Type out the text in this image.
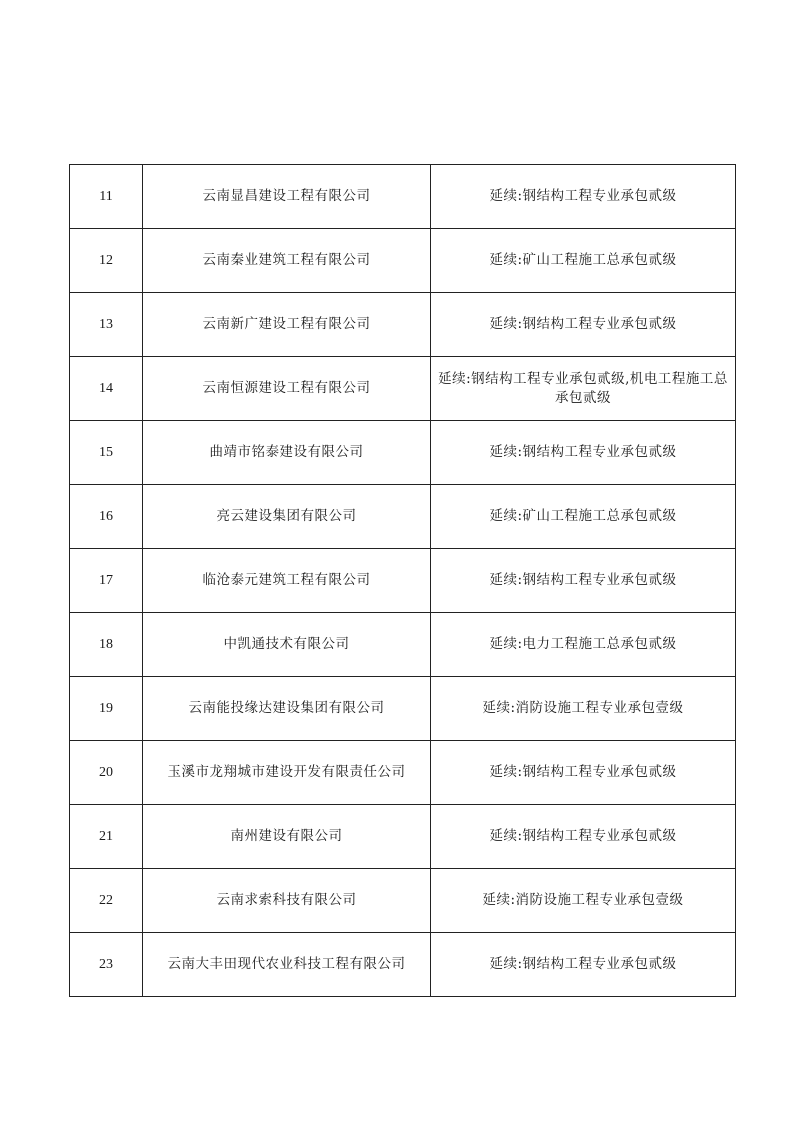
11	云南显昌建设工程有限公司	延续:钢结构工程专业承包贰级
12	云南秦业建筑工程有限公司	延续:矿山工程施工总承包贰级
13	云南新广建设工程有限公司	延续:钢结构工程专业承包贰级
14	云南恒源建设工程有限公司	延续:钢结构工程专业承包贰级,机电工程施工总承包贰级
15	曲靖市铭泰建设有限公司	延续:钢结构工程专业承包贰级
16	亮云建设集团有限公司	延续:矿山工程施工总承包贰级
17	临沧泰元建筑工程有限公司	延续:钢结构工程专业承包贰级
18	中凯通技术有限公司	延续:电力工程施工总承包贰级
19	云南能投缘达建设集团有限公司	延续:消防设施工程专业承包壹级
20	玉溪市龙翔城市建设开发有限责任公司	延续:钢结构工程专业承包贰级
21	南州建设有限公司	延续:钢结构工程专业承包贰级
22	云南求索科技有限公司	延续:消防设施工程专业承包壹级
23	云南大丰田现代农业科技工程有限公司	延续:钢结构工程专业承包贰级
